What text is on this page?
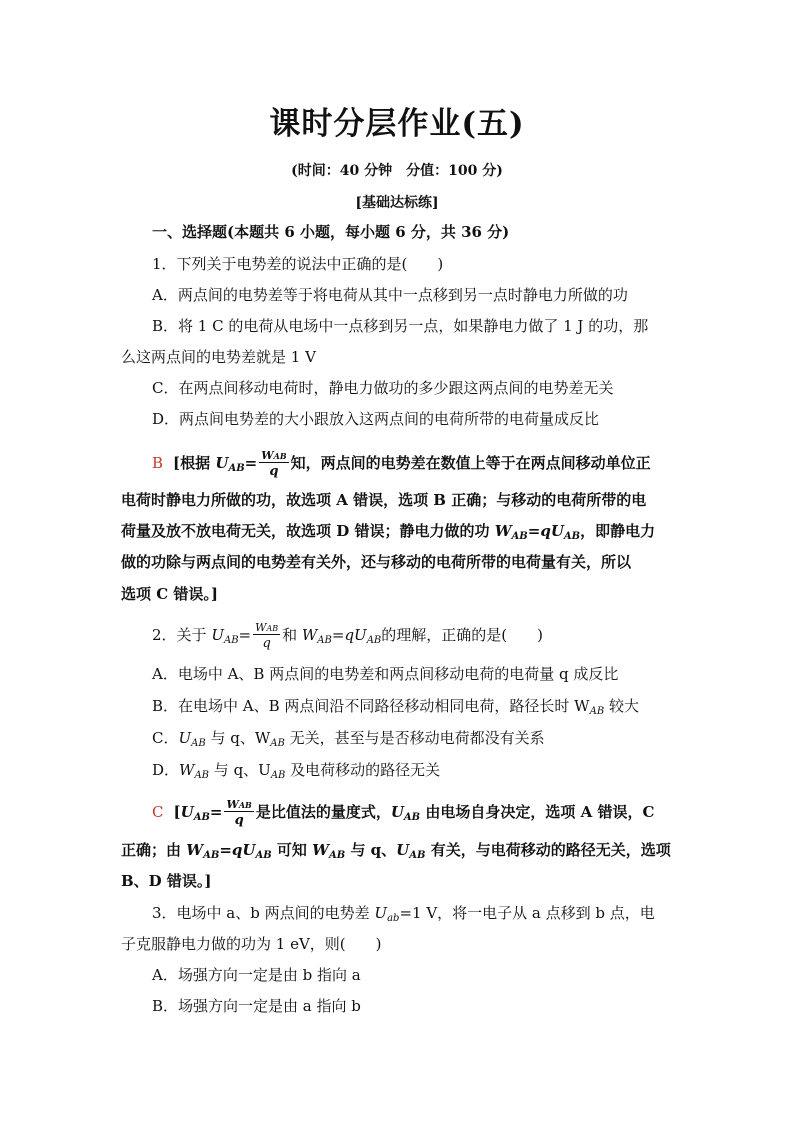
课时分层作业(五)
(时间：40 分钟　分值：100 分)
[基础达标练]
一、选择题(本题共 6 小题，每小题 6 分，共 36 分)
1．下列关于电势差的说法中正确的是(　　)
A．两点间的电势差等于将电荷从其中一点移到另一点时静电力所做的功
B．将 1 C 的电荷从电场中一点移到另一点，如果静电力做了 1 J 的功，那
么这两点间的电势差就是 1 V
C．在两点间移动电荷时，静电力做功的多少跟这两点间的电势差无关
D．两点间电势差的大小跟放入这两点间的电荷所带的电荷量成反比
B [根据 $U_{AB}= \frac{\text{WAB}}{q}$ 知，两点间的电势差在数值上等于在两点间移动单位正
电荷时静电力所做的功，故选项 A 错误，选项 B 正确；与移动的电荷所带的电
荷量及放不放电荷无关，故选项 D 错误；静电力做的功 $W_{AB}=qU_{AB}$，即静电力
做的功除与两点间的电势差有关外，还与移动的电荷所带的电荷量有关，所以
选项 C 错误。]
2．关于 $U_{AB}= \frac{\text{WAB}}{q}$ 和 $W_{AB}=qU_{AB}$的理解，正确的是(　　)
A．电场中 A、B 两点间的电势差和两点间移动电荷的电荷量 q 成反比
B．在电场中 A、B 两点间沿不同路径移动相同电荷，路径长时 $W_{AB}$ 较大
C．$U_{AB}$ 与 q、$W_{AB}$ 无关，甚至与是否移动电荷都没有关系
D．$W_{AB}$ 与 q、$U_{AB}$ 及电荷移动的路径无关
C [$U_{AB}= \frac{\text{WAB}}{q}$ 是比值法的量度式，$U_{AB}$ 由电场自身决定，选项 A 错误，C
正确；由 $W_{AB}=qU_{AB}$ 可知 $W_{AB}$ 与 q、$U_{AB}$ 有关，与电荷移动的路径无关，选项
B、D 错误。]
3．电场中 a、b 两点间的电势差 $U_{ab}=1$ V，将一电子从 a 点移到 b 点，电
子克服静电力做的功为 1 eV，则(　　)
A．场强方向一定是由 b 指向 a
B．场强方向一定是由 a 指向 b
